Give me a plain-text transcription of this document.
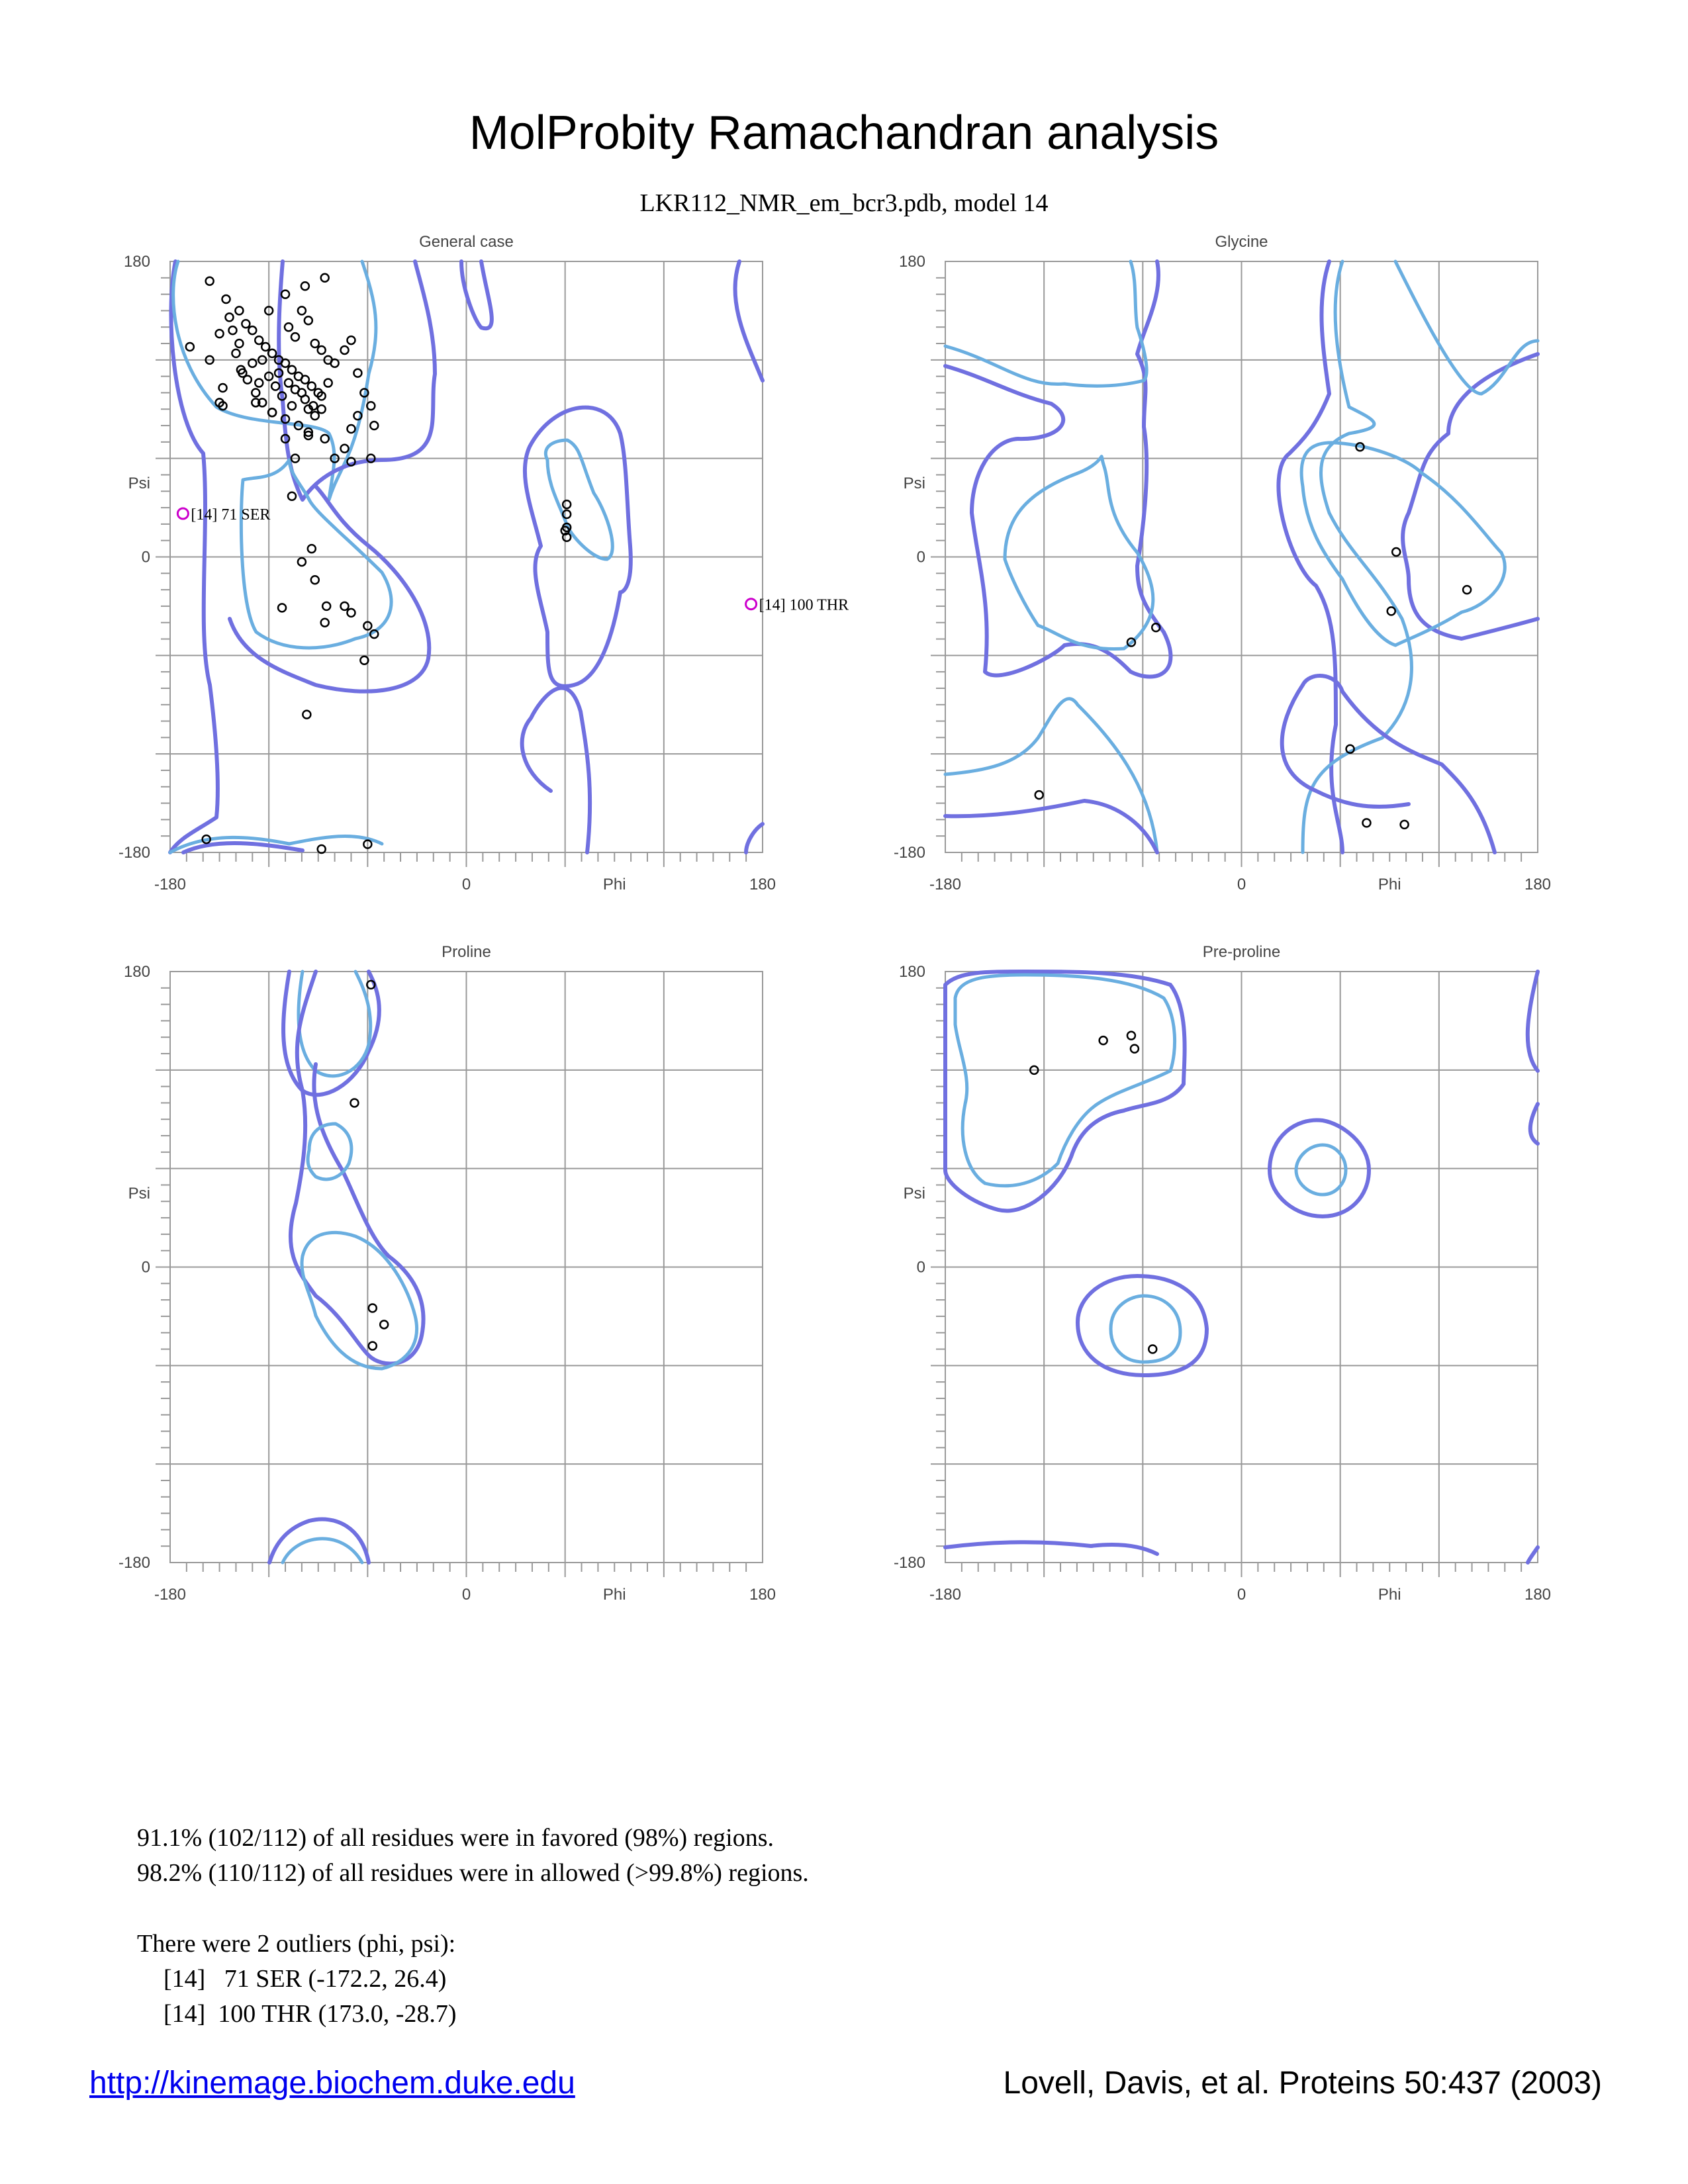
MolProbity Ramachandran analysis
LKR112_NMR_em_bcr3.pdb, model 14
General case
180
0
-180
Psi
-180	0	180
Phi
[14] 71 SER
[14] 100 THR
Glycine
180
0
-180
Psi
-180	0	180
Phi
Proline
180
0
-180
Psi
-180	0	180
Phi
Pre-proline
180
0
-180
Psi
-180	0	180
Phi
91.1% (102/112) of all residues were in favored (98%) regions.
98.2% (110/112) of all residues were in allowed (>99.8%) regions.
There were 2 outliers (phi, psi):
[14]   71 SER (-172.2, 26.4)
[14]  100 THR (173.0, -28.7)
http://kinemage.biochem.duke.edu	Lovell, Davis, et al. Proteins 50:437 (2003)
